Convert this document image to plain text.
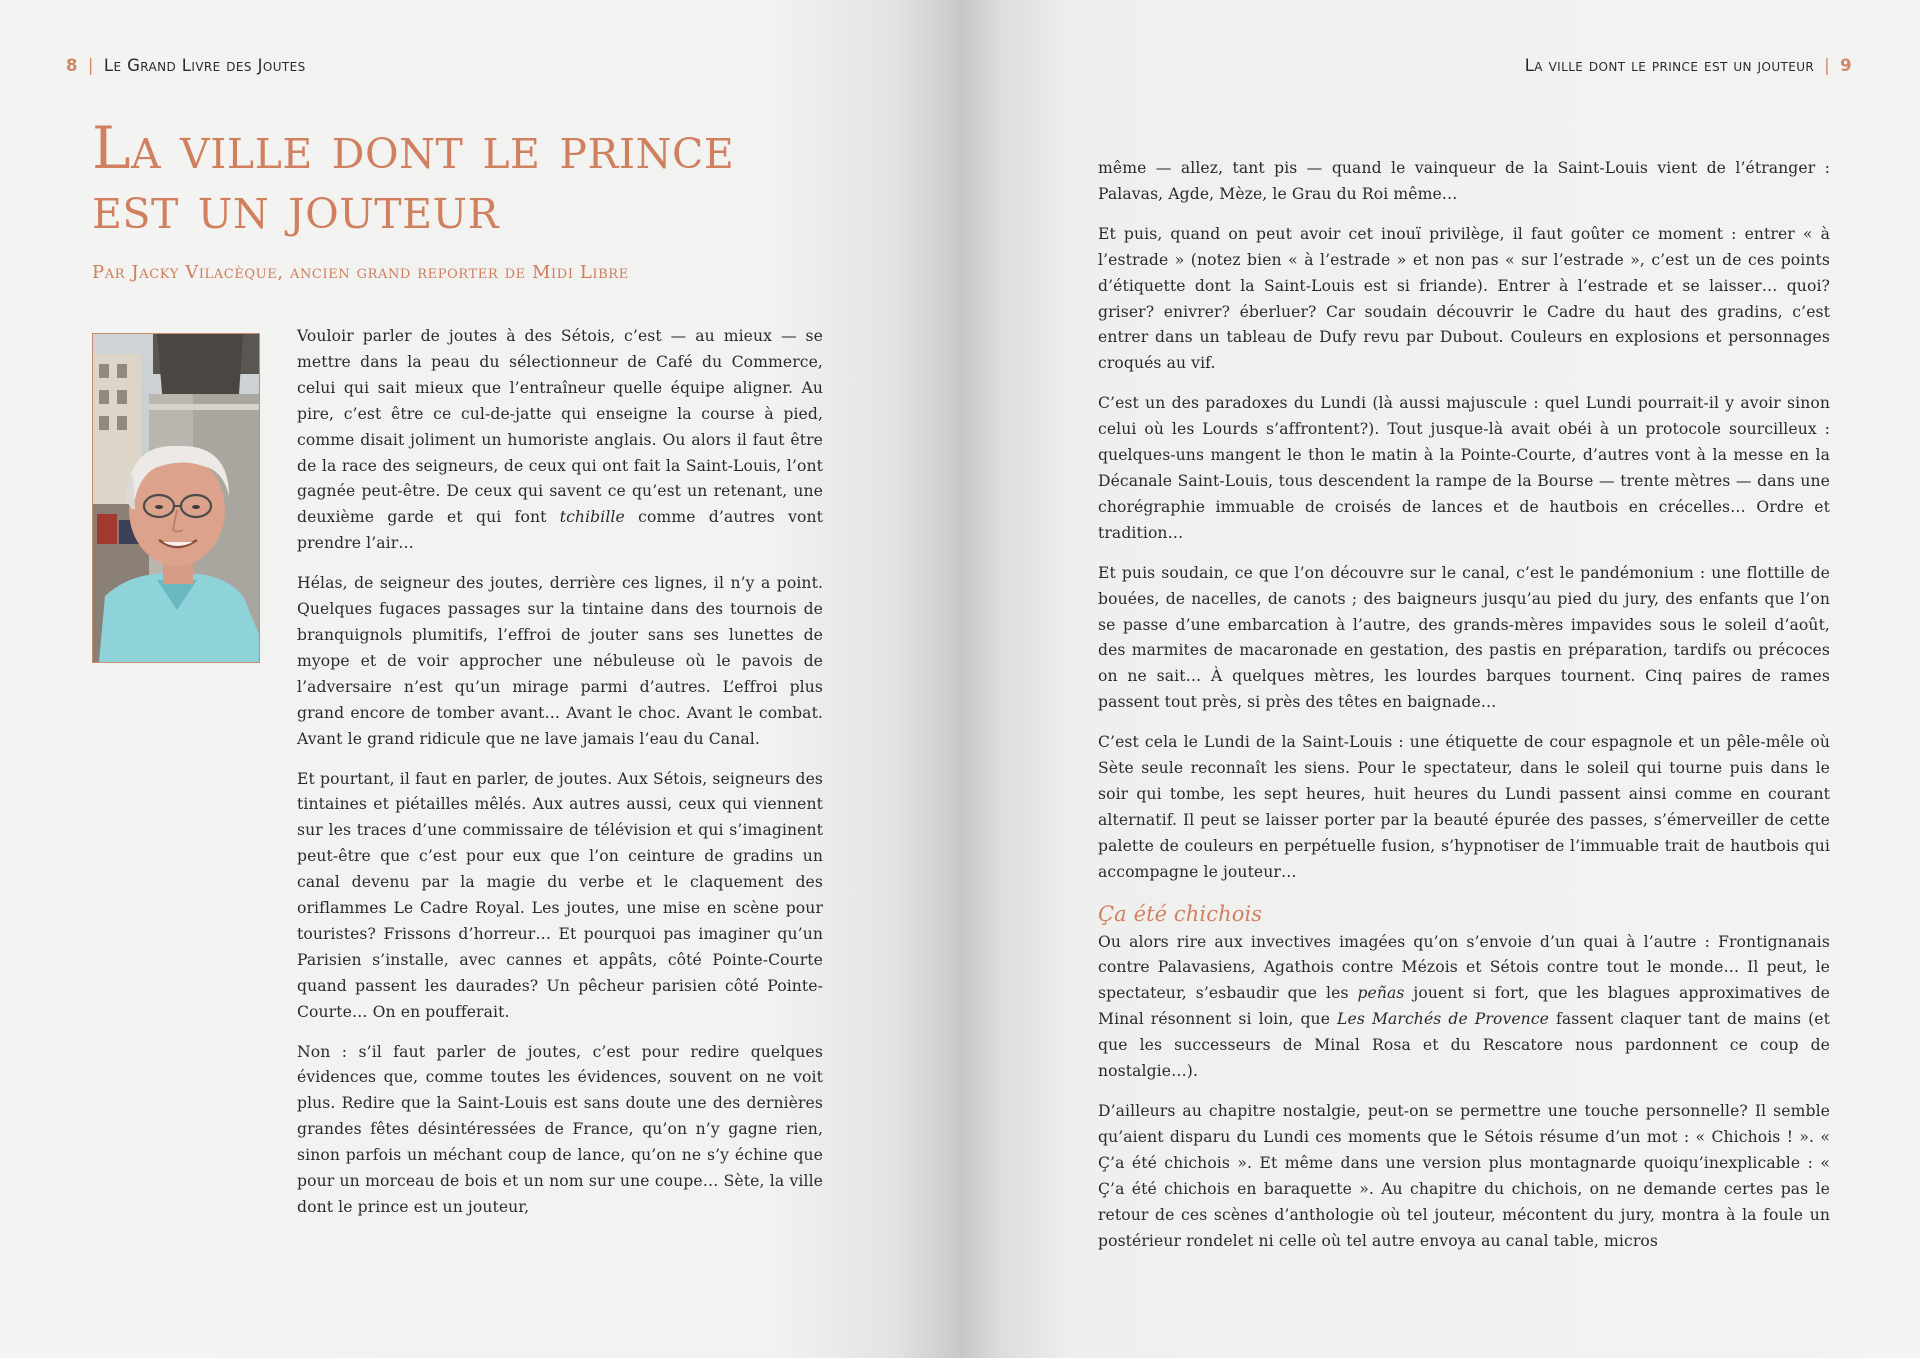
8 | Le Grand Livre des Joutes
La ville dont le prince
est un jouteur
Par Jacky Vilacèque, ancien grand reporter de Midi Libre

Vouloir parler de joutes à des Sétois, c’est — au mieux — se mettre dans la peau du sélectionneur de Café du Commerce, celui qui sait mieux que l’entraîneur quelle équipe aligner. Au pire, c’est être ce cul-de-jatte qui enseigne la course à pied, comme disait joliment un humoriste anglais. Ou alors il faut être de la race des seigneurs, de ceux qui ont fait la Saint-Louis, l’ont gagnée peut-être. De ceux qui savent ce qu’est un retenant, une deuxième garde et qui font tchibille comme d’autres vont prendre l’air…

Hélas, de seigneur des joutes, derrière ces lignes, il n’y a point. Quelques fugaces passages sur la tintaine dans des tournois de branquignols plumitifs, l’effroi de jouter sans ses lunettes de myope et de voir approcher une nébuleuse où le pavois de l’adversaire n’est qu’un mirage parmi d’autres. L’effroi plus grand encore de tomber avant… Avant le choc. Avant le combat. Avant le grand ridicule que ne lave jamais l’eau du Canal.

Et pourtant, il faut en parler, de joutes. Aux Sétois, seigneurs des tintaines et piétailles mêlés. Aux autres aussi, ceux qui viennent sur les traces d’une commissaire de télévision et qui s’imaginent peut-être que c’est pour eux que l’on ceinture de gradins un canal devenu par la magie du verbe et le claquement des oriflammes Le Cadre Royal. Les joutes, une mise en scène pour touristes? Frissons d’horreur… Et pourquoi pas imaginer qu’un Parisien s’installe, avec cannes et appâts, côté Pointe-Courte quand passent les daurades? Un pêcheur parisien côté Pointe-Courte… On en poufferait.

Non : s’il faut parler de joutes, c’est pour redire quelques évidences que, comme toutes les évidences, souvent on ne voit plus. Redire que la Saint-Louis est sans doute une des dernières grandes fêtes désintéressées de France, qu’on n’y gagne rien, sinon parfois un méchant coup de lance, qu’on ne s’y échine que pour un morceau de bois et un nom sur une coupe… Sète, la ville dont le prince est un jouteur,

La ville dont le prince est un jouteur | 9

même — allez, tant pis — quand le vainqueur de la Saint-Louis vient de l’étranger : Palavas, Agde, Mèze, le Grau du Roi même…

Et puis, quand on peut avoir cet inouï privilège, il faut goûter ce moment : entrer « à l’estrade » (notez bien « à l’estrade » et non pas « sur l’estrade », c’est un de ces points d’étiquette dont la Saint-Louis est si friande). Entrer à l’estrade et se laisser… quoi? griser? enivrer? éberluer? Car soudain découvrir le Cadre du haut des gradins, c’est entrer dans un tableau de Dufy revu par Dubout. Couleurs en explosions et personnages croqués au vif.

C’est un des paradoxes du Lundi (là aussi majuscule : quel Lundi pourrait-il y avoir sinon celui où les Lourds s’affrontent?). Tout jusque-là avait obéi à un protocole sourcilleux : quelques-uns mangent le thon le matin à la Pointe-Courte, d’autres vont à la messe en la Décanale Saint-Louis, tous descendent la rampe de la Bourse — trente mètres — dans une chorégraphie immuable de croisés de lances et de hautbois en crécelles… Ordre et tradition…

Et puis soudain, ce que l’on découvre sur le canal, c’est le pandémonium : une flottille de bouées, de nacelles, de canots ; des baigneurs jusqu’au pied du jury, des enfants que l’on se passe d’une embarcation à l’autre, des grands-mères impavides sous le soleil d’août, des marmites de macaronade en gestation, des pastis en préparation, tardifs ou précoces on ne sait… À quelques mètres, les lourdes barques tournent. Cinq paires de rames passent tout près, si près des têtes en baignade…

C’est cela le Lundi de la Saint-Louis : une étiquette de cour espagnole et un pêle-mêle où Sète seule reconnaît les siens. Pour le spectateur, dans le soleil qui tourne puis dans le soir qui tombe, les sept heures, huit heures du Lundi passent ainsi comme en courant alternatif. Il peut se laisser porter par la beauté épurée des passes, s’émerveiller de cette palette de couleurs en perpétuelle fusion, s’hypnotiser de l’immuable trait de hautbois qui accompagne le jouteur…

Ça été chichois

Ou alors rire aux invectives imagées qu’on s’envoie d’un quai à l’autre : Frontignanais contre Palavasiens, Agathois contre Mézois et Sétois contre tout le monde… Il peut, le spectateur, s’esbaudir que les peñas jouent si fort, que les blagues approximatives de Minal résonnent si loin, que Les Marchés de Provence fassent claquer tant de mains (et que les successeurs de Minal Rosa et du Rescatore nous pardonnent ce coup de nostalgie…).

D’ailleurs au chapitre nostalgie, peut-on se permettre une touche personnelle? Il semble qu’aient disparu du Lundi ces moments que le Sétois résume d’un mot : « Chichois ! ». « Ç’a été chichois ». Et même dans une version plus montagnarde quoiqu’inexplicable : « Ç’a été chichois en baraquette ». Au chapitre du chichois, on ne demande certes pas le retour de ces scènes d’anthologie où tel jouteur, mécontent du jury, montra à la foule un postérieur rondelet ni celle où tel autre envoya au canal table, micros
